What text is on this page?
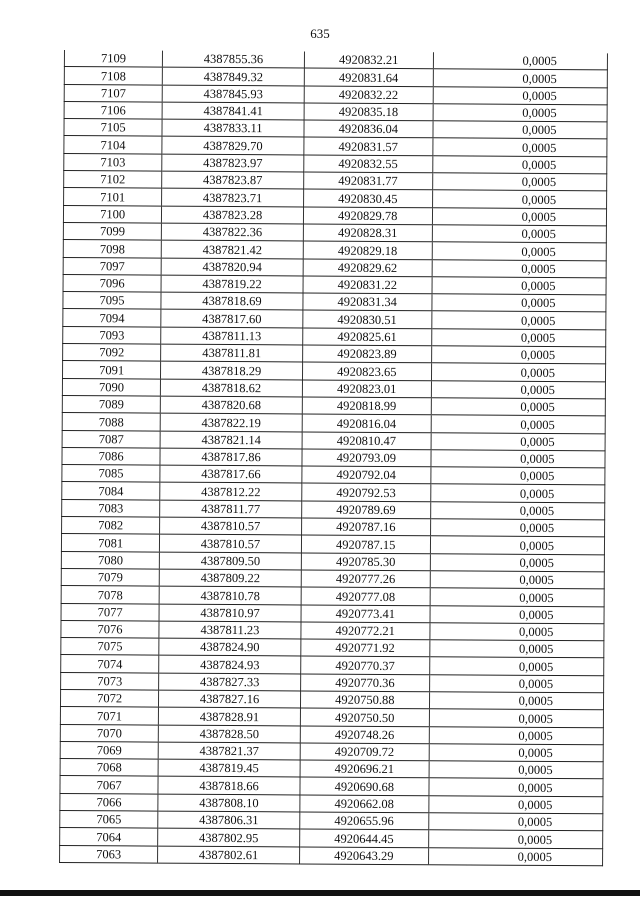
635
7109	4387855.36	4920832.21	0,0005
7108	4387849.32	4920831.64	0,0005
7107	4387845.93	4920832.22	0,0005
7106	4387841.41	4920835.18	0,0005
7105	4387833.11	4920836.04	0,0005
7104	4387829.70	4920831.57	0,0005
7103	4387823.97	4920832.55	0,0005
7102	4387823.87	4920831.77	0,0005
7101	4387823.71	4920830.45	0,0005
7100	4387823.28	4920829.78	0,0005
7099	4387822.36	4920828.31	0,0005
7098	4387821.42	4920829.18	0,0005
7097	4387820.94	4920829.62	0,0005
7096	4387819.22	4920831.22	0,0005
7095	4387818.69	4920831.34	0,0005
7094	4387817.60	4920830.51	0,0005
7093	4387811.13	4920825.61	0,0005
7092	4387811.81	4920823.89	0,0005
7091	4387818.29	4920823.65	0,0005
7090	4387818.62	4920823.01	0,0005
7089	4387820.68	4920818.99	0,0005
7088	4387822.19	4920816.04	0,0005
7087	4387821.14	4920810.47	0,0005
7086	4387817.86	4920793.09	0,0005
7085	4387817.66	4920792.04	0,0005
7084	4387812.22	4920792.53	0,0005
7083	4387811.77	4920789.69	0,0005
7082	4387810.57	4920787.16	0,0005
7081	4387810.57	4920787.15	0,0005
7080	4387809.50	4920785.30	0,0005
7079	4387809.22	4920777.26	0,0005
7078	4387810.78	4920777.08	0,0005
7077	4387810.97	4920773.41	0,0005
7076	4387811.23	4920772.21	0,0005
7075	4387824.90	4920771.92	0,0005
7074	4387824.93	4920770.37	0,0005
7073	4387827.33	4920770.36	0,0005
7072	4387827.16	4920750.88	0,0005
7071	4387828.91	4920750.50	0,0005
7070	4387828.50	4920748.26	0,0005
7069	4387821.37	4920709.72	0,0005
7068	4387819.45	4920696.21	0,0005
7067	4387818.66	4920690.68	0,0005
7066	4387808.10	4920662.08	0,0005
7065	4387806.31	4920655.96	0,0005
7064	4387802.95	4920644.45	0,0005
7063	4387802.61	4920643.29	0,0005
